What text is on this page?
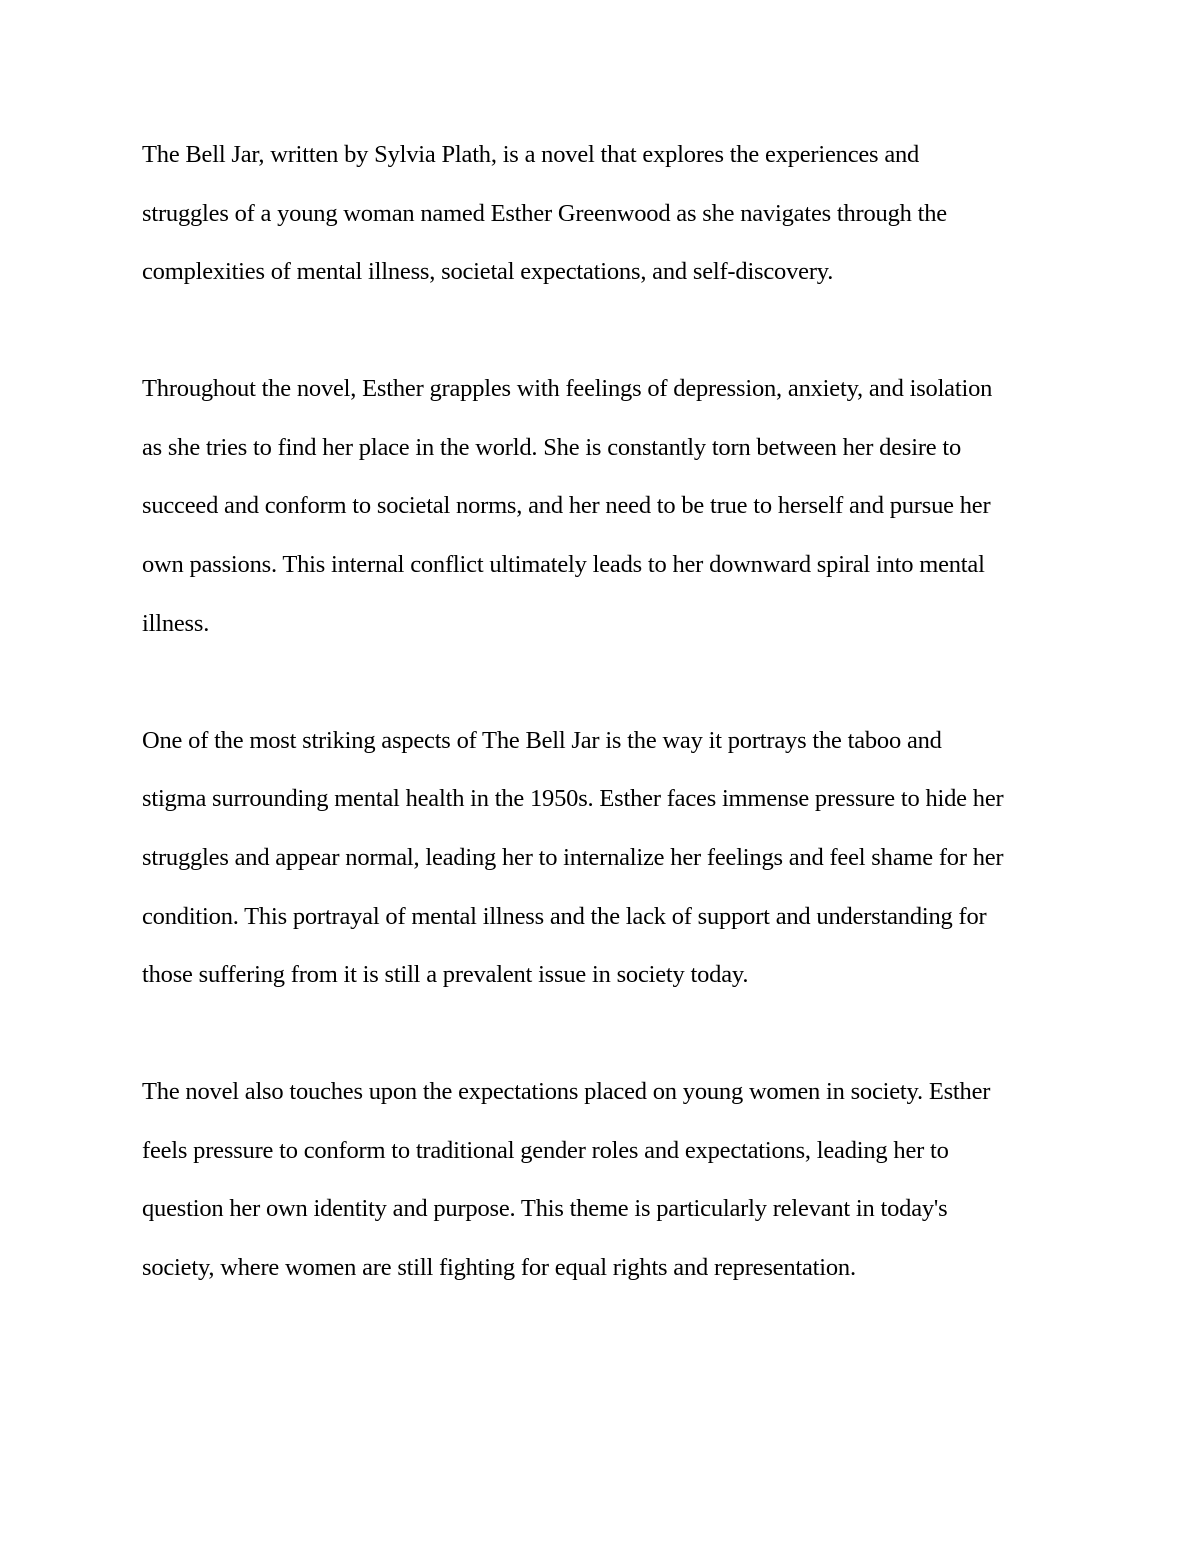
The Bell Jar, written by Sylvia Plath, is a novel that explores the experiences and
struggles of a young woman named Esther Greenwood as she navigates through the
complexities of mental illness, societal expectations, and self-discovery.
Throughout the novel, Esther grapples with feelings of depression, anxiety, and isolation
as she tries to find her place in the world. She is constantly torn between her desire to
succeed and conform to societal norms, and her need to be true to herself and pursue her
own passions. This internal conflict ultimately leads to her downward spiral into mental
illness.
One of the most striking aspects of The Bell Jar is the way it portrays the taboo and
stigma surrounding mental health in the 1950s. Esther faces immense pressure to hide her
struggles and appear normal, leading her to internalize her feelings and feel shame for her
condition. This portrayal of mental illness and the lack of support and understanding for
those suffering from it is still a prevalent issue in society today.
The novel also touches upon the expectations placed on young women in society. Esther
feels pressure to conform to traditional gender roles and expectations, leading her to
question her own identity and purpose. This theme is particularly relevant in today's
society, where women are still fighting for equal rights and representation.
